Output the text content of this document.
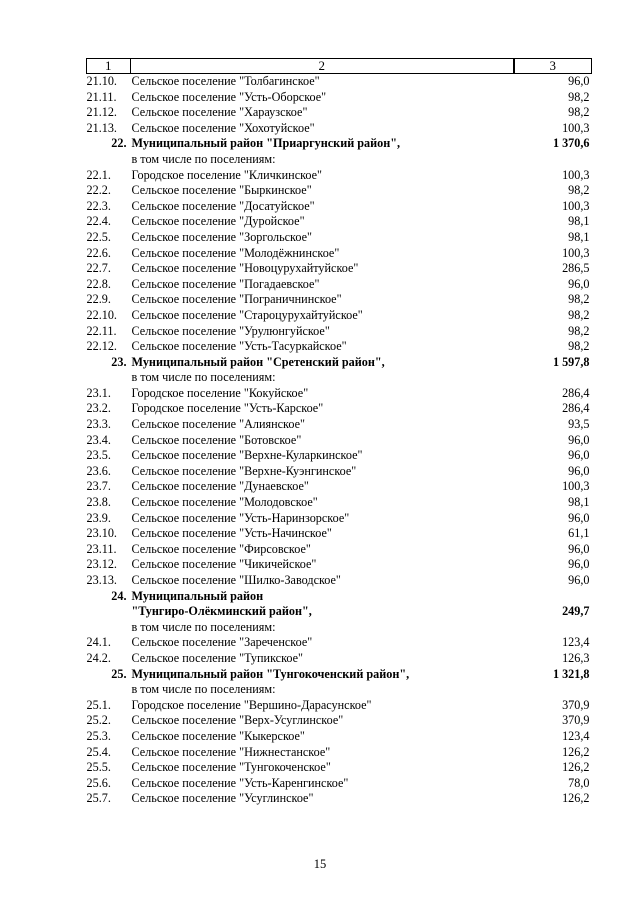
1	2	3
21.10.	Сельское поселение "Толбагинское"	96,0
21.11.	Сельское поселение "Усть-Оборское"	98,2
21.12.	Сельское поселение "Хараузское"	98,2
21.13.	Сельское поселение "Хохотуйское"	100,3
22.	Муниципальный район "Приаргунский район",	1 370,6
	в том числе по поселениям:	
22.1.	Городское поселение "Кличкинское"	100,3
22.2.	Сельское поселение "Быркинское"	98,2
22.3.	Сельское поселение "Досатуйское"	100,3
22.4.	Сельское поселение "Дуройское"	98,1
22.5.	Сельское поселение "Зоргольское"	98,1
22.6.	Сельское поселение "Молодёжнинское"	100,3
22.7.	Сельское поселение "Новоцурухайтуйское"	286,5
22.8.	Сельское поселение "Погадаевское"	96,0
22.9.	Сельское поселение "Пограничнинское"	98,2
22.10.	Сельское поселение "Староцурухайтуйское"	98,2
22.11.	Сельское поселение "Урулюнгуйское"	98,2
22.12.	Сельское поселение "Усть-Тасуркайское"	98,2
23.	Муниципальный район "Сретенский район",	1 597,8
	в том числе по поселениям:	
23.1.	Городское поселение "Кокуйское"	286,4
23.2.	Городское поселение "Усть-Карское"	286,4
23.3.	Сельское поселение "Алиянское"	93,5
23.4.	Сельское поселение "Ботовское"	96,0
23.5.	Сельское поселение "Верхне-Куларкинское"	96,0
23.6.	Сельское поселение "Верхне-Куэнгинское"	96,0
23.7.	Сельское поселение "Дунаевское"	100,3
23.8.	Сельское поселение "Молодовское"	98,1
23.9.	Сельское поселение "Усть-Наринзорское"	96,0
23.10.	Сельское поселение "Усть-Начинское"	61,1
23.11.	Сельское поселение "Фирсовское"	96,0
23.12.	Сельское поселение "Чикичейское"	96,0
23.13.	Сельское поселение "Шилко-Заводское"	96,0
24.	Муниципальный район	
	"Тунгиро-Олёкминский район",	249,7
	в том числе по поселениям:	
24.1.	Сельское поселение "Зареченское"	123,4
24.2.	Сельское поселение "Тупикское"	126,3
25.	Муниципальный район "Тунгокоченский район",	1 321,8
	в том числе по поселениям:	
25.1.	Городское поселение "Вершино-Дарасунское"	370,9
25.2.	Сельское поселение "Верх-Усуглинское"	370,9
25.3.	Сельское поселение "Кыкерское"	123,4
25.4.	Сельское поселение "Нижнестанское"	126,2
25.5.	Сельское поселение "Тунгокоченское"	126,2
25.6.	Сельское поселение "Усть-Каренгинское"	78,0
25.7.	Сельское поселение "Усуглинское"	126,2
15
